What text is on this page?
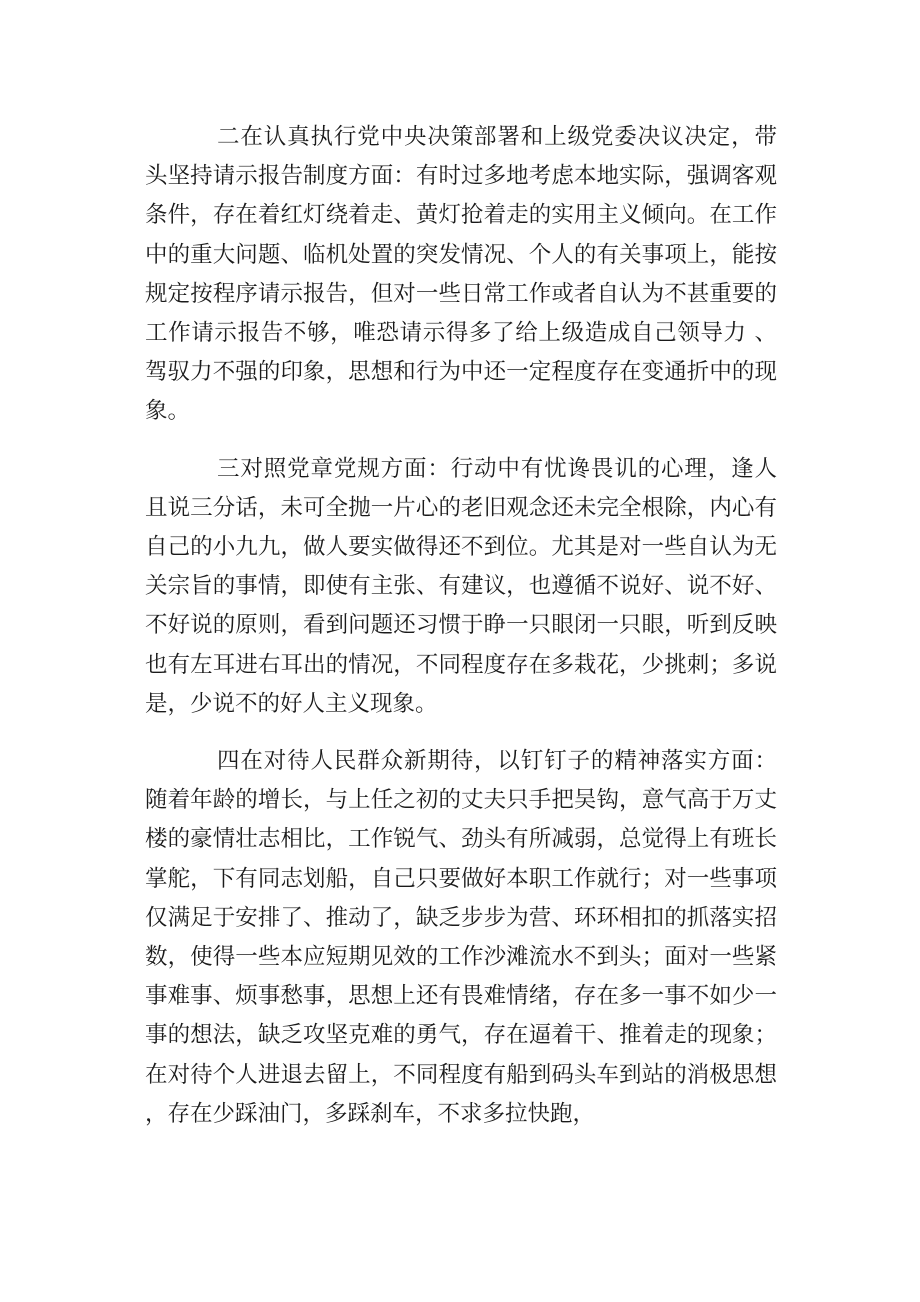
二在认真执行党中央决策部署和上级党委决议决定，带头坚持请示报告制度方面：有时过多地考虑本地实际，强调客观条件，存在着红灯绕着走、黄灯抢着走的实用主义倾向。在工作中的重大问题、临机处置的突发情况、个人的有关事项上，能按规定按程序请示报告，但对一些日常工作或者自认为不甚重要的工作请示报告不够，唯恐请示得多了给上级造成自己领导力 、驾驭力不强的印象，思想和行为中还一定程度存在变通折中的现象。

三对照党章党规方面：行动中有忧谗畏讥的心理，逢人且说三分话，未可全抛一片心的老旧观念还未完全根除，内心有自己的小九九，做人要实做得还不到位。尤其是对一些自认为无关宗旨的事情，即使有主张、有建议，也遵循不说好、说不好、不好说的原则，看到问题还习惯于睁一只眼闭一只眼，听到反映也有左耳进右耳出的情况，不同程度存在多栽花，少挑刺；多说是，少说不的好人主义现象。

四在对待人民群众新期待，以钉钉子的精神落实方面：随着年龄的增长，与上任之初的丈夫只手把吴钩，意气高于万丈楼的豪情壮志相比，工作锐气、劲头有所减弱，总觉得上有班长掌舵，下有同志划船，自己只要做好本职工作就行；对一些事项仅满足于安排了、推动了，缺乏步步为营、环环相扣的抓落实招数，使得一些本应短期见效的工作沙滩流水不到头；面对一些紧事难事、烦事愁事，思想上还有畏难情绪，存在多一事不如少一事的想法，缺乏攻坚克难的勇气，存在逼着干、推着走的现象；在对待个人进退去留上，不同程度有船到码头车到站的消极思想，存在少踩油门，多踩刹车，不求多拉快跑，
